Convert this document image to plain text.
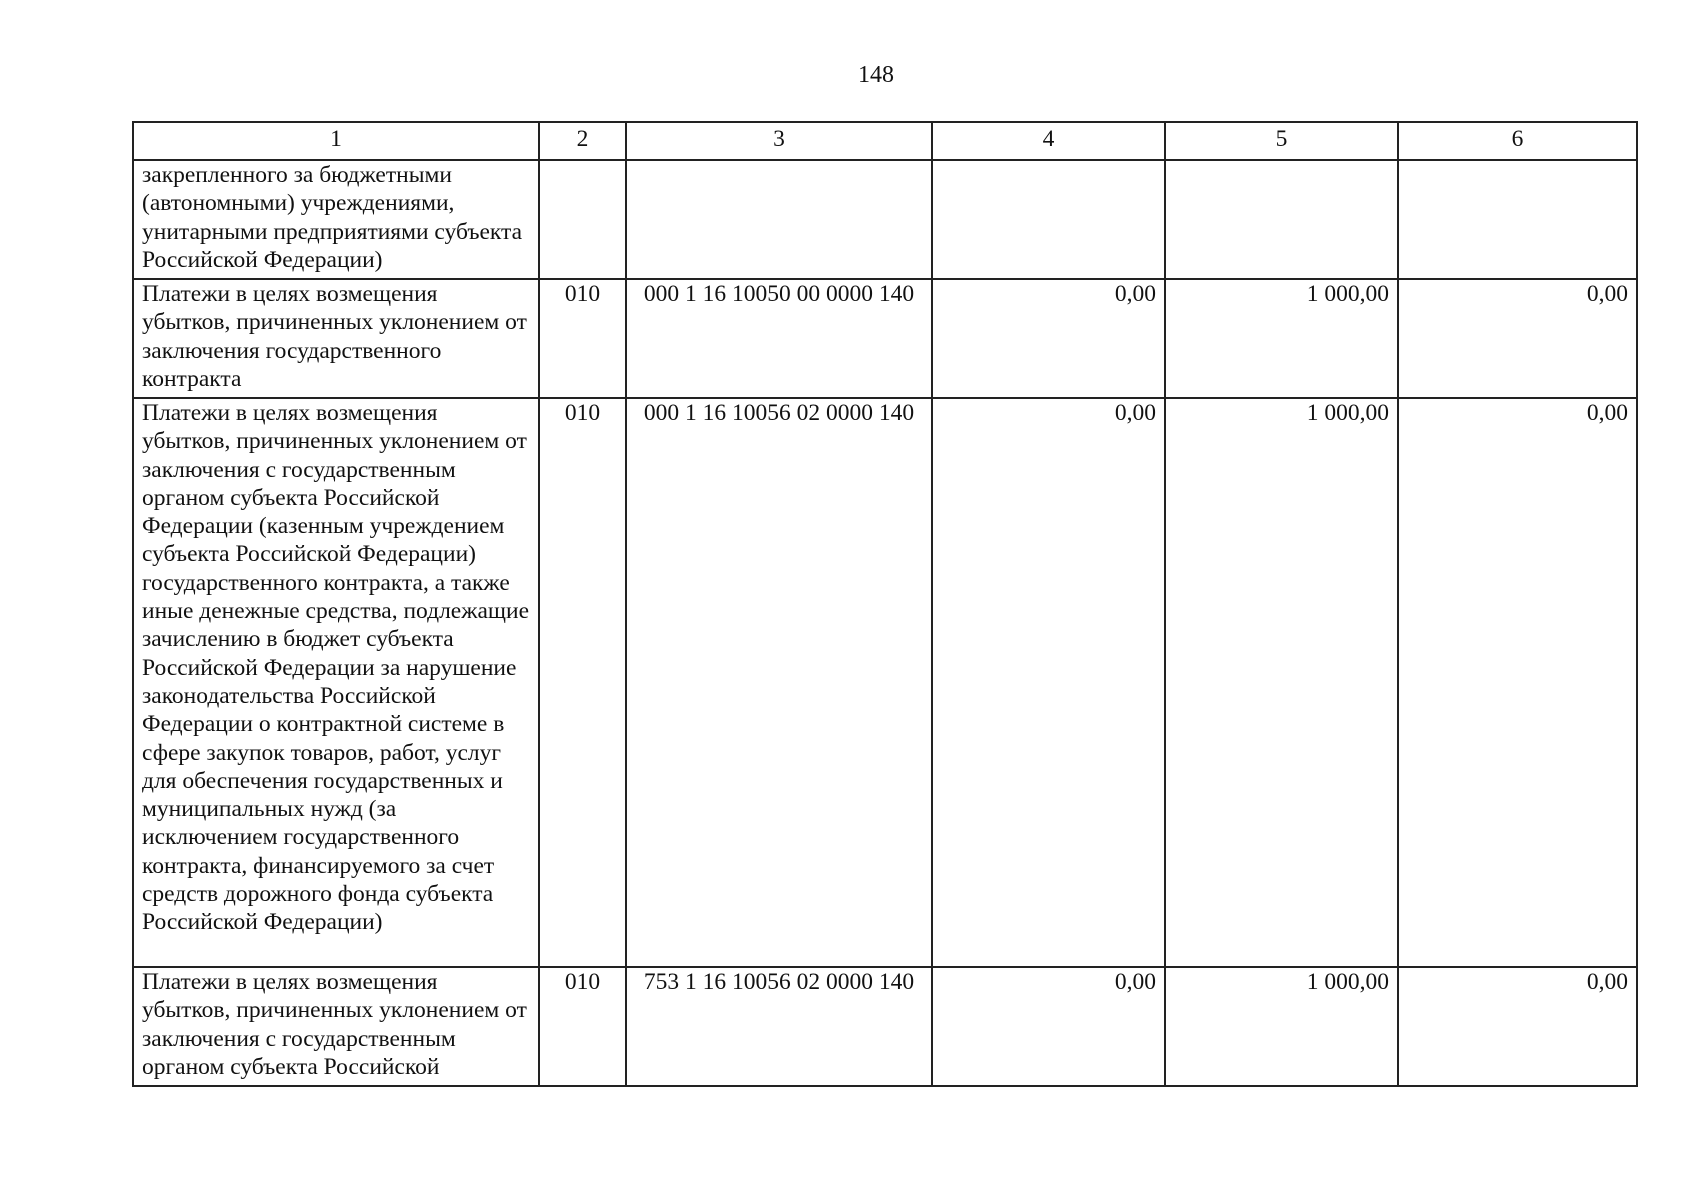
148
1	2	3	4	5	6
закрепленного за бюджетными (автономными) учреждениями, унитарными предприятиями субъекта Российской Федерации)					
Платежи в целях возмещения убытков, причиненных уклонением от заключения государственного контракта	010	000 1 16 10050 00 0000 140	0,00	1 000,00	0,00
Платежи в целях возмещения убытков, причиненных уклонением от заключения с государственным органом субъекта Российской Федерации (казенным учреждением субъекта Российской Федерации) государственного контракта, а также иные денежные средства, подлежащие зачислению в бюджет субъекта Российской Федерации за нарушение законодательства Российской Федерации о контрактной системе в сфере закупок товаров, работ, услуг для обеспечения государственных и муниципальных нужд (за исключением государственного контракта, финансируемого за счет средств дорожного фонда субъекта Российской Федерации)	010	000 1 16 10056 02 0000 140	0,00	1 000,00	0,00
Платежи в целях возмещения убытков, причиненных уклонением от заключения с государственным органом субъекта Российской	010	753 1 16 10056 02 0000 140	0,00	1 000,00	0,00
